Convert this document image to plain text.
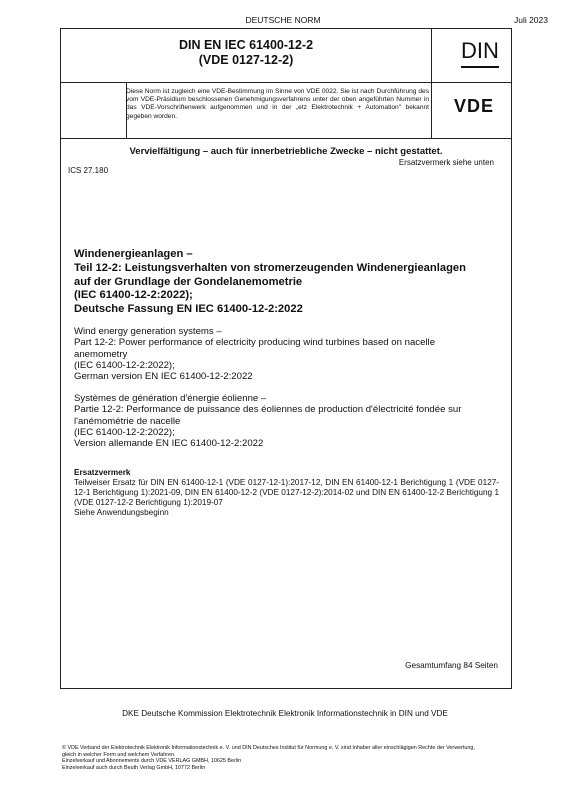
DEUTSCHE NORM	Juli 2023
DIN EN IEC 61400-12-2
(VDE 0127-12-2)	DIN
Diese Norm ist zugleich eine VDE-Bestimmung im Sinne von VDE 0022. Sie ist nach Durchführung des vom VDE-Präsidium beschlossenen Genehmigungsverfahrens unter der oben angeführten Nummer in das VDE-Vorschriftenwerk aufgenommen und in der „etz Elektrotechnik + Automation" bekannt gegeben worden.
VDE
Vervielfältigung – auch für innerbetriebliche Zwecke – nicht gestattet.
Ersatzvermerk siehe unten
ICS 27.180
Windenergieanlagen –
Teil 12-2: Leistungsverhalten von stromerzeugenden Windenergieanlagen
auf der Grundlage der Gondelanemometrie
(IEC 61400-12-2:2022);
Deutsche Fassung EN IEC 61400-12-2:2022
Wind energy generation systems –
Part 12-2: Power performance of electricity producing wind turbines based on nacelle
anemometry
(IEC 61400-12-2:2022);
German version EN IEC 61400-12-2:2022
Systèmes de génération d'énergie éolienne –
Partie 12-2: Performance de puissance des éoliennes de production d'électricité fondée sur
l'anémométrie de nacelle
(IEC 61400-12-2:2022);
Version allemande EN IEC 61400-12-2:2022
Ersatzvermerk
Teilweiser Ersatz für DIN EN 61400-12-1 (VDE 0127-12-1):2017-12, DIN EN 61400-12-1 Berichtigung 1 (VDE 0127-12-1 Berichtigung 1):2021-09, DIN EN 61400-12-2 (VDE 0127-12-2):2014-02 und DIN EN 61400-12-2 Berichtigung 1 (VDE 0127-12-2 Berichtigung 1):2019-07
Siehe Anwendungsbeginn
Gesamtumfang 84 Seiten
DKE Deutsche Kommission Elektrotechnik Elektronik Informationstechnik in DIN und VDE
© VDE Verband der Elektrotechnik Elektronik Informationstechnik e. V. und DIN Deutsches Institut für Normung e. V. sind Inhaber aller einschlägigen Rechte der Verwertung,
gleich in welcher Form und welchem Verfahren.
Einzelverkauf und Abonnements durch VDE VERLAG GMBH, 10625 Berlin
Einzelverkauf auch durch Beuth Verlag GmbH, 10772 Berlin
